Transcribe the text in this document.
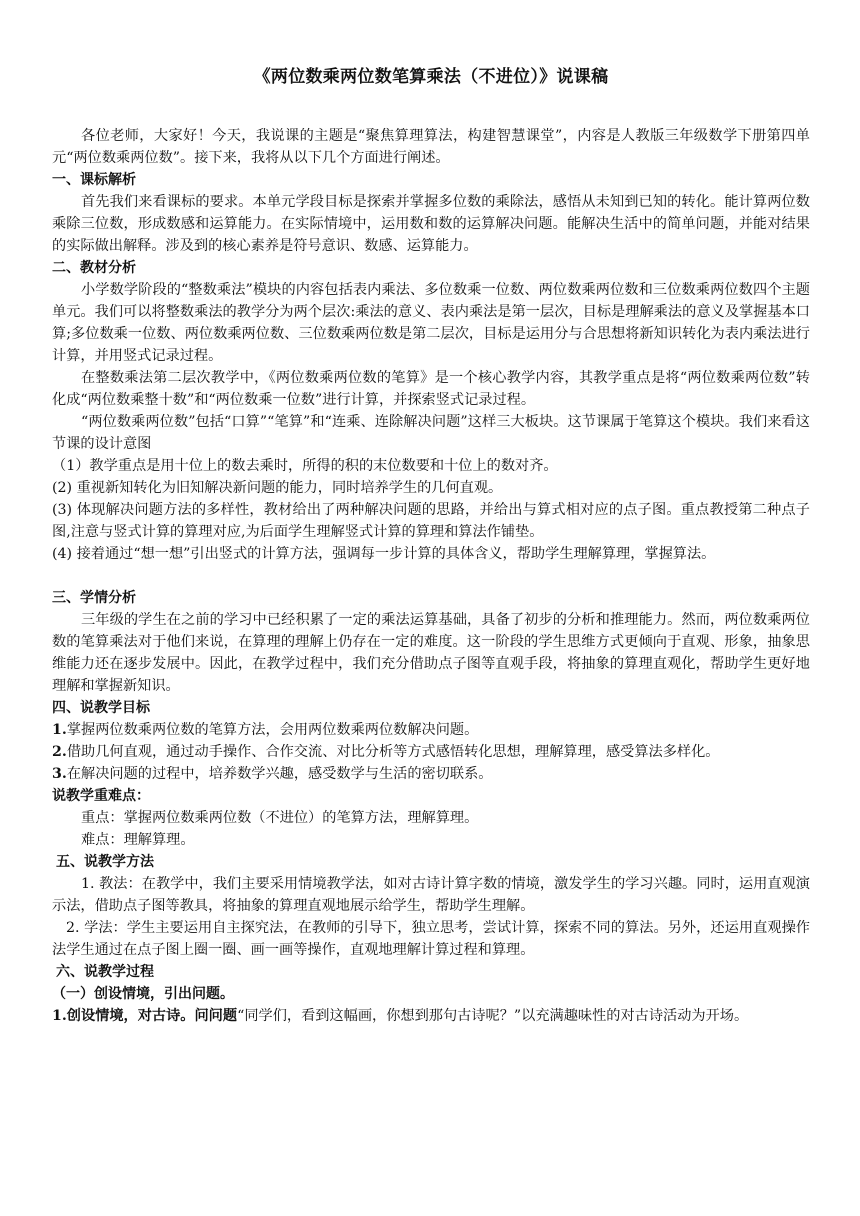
《两位数乘两位数笔算乘法（不进位）》说课稿

各位老师，大家好！今天，我说课的主题是“聚焦算理算法，构建智慧课堂”，内容是人教版三年级数学下册第四单元“两位数乘两位数”。接下来，我将从以下几个方面进行阐述。

一、课标解析

首先我们来看课标的要求。本单元学段目标是探索并掌握多位数的乘除法，感悟从未知到已知的转化。能计算两位数乘除三位数，形成数感和运算能力。在实际情境中，运用数和数的运算解决问题。能解决生活中的简单问题，并能对结果的实际做出解释。涉及到的核心素养是符号意识、数感、运算能力。

二、教材分析

小学数学阶段的“整数乘法”模块的内容包括表内乘法、多位数乘一位数、两位数乘两位数和三位数乘两位数四个主题单元。我们可以将整数乘法的教学分为两个层次:乘法的意义、表内乘法是第一层次，目标是理解乘法的意义及掌握基本口算;多位数乘一位数、两位数乘两位数、三位数乘两位数是第二层次，目标是运用分与合思想将新知识转化为表内乘法进行计算，并用竖式记录过程。

在整数乘法第二层次教学中，《两位数乘两位数的笔算》是一个核心教学内容，其教学重点是将“两位数乘两位数”转化成“两位数乘整十数”和“两位数乘一位数”进行计算，并探索竖式记录过程。

“两位数乘两位数”包括“口算”“笔算”和“连乘、连除解决问题”这样三大板块。这节课属于笔算这个模块。我们来看这节课的设计意图

（1）教学重点是用十位上的数去乘时，所得的积的末位数要和十位上的数对齐。

(2) 重视新知转化为旧知解决新问题的能力，同时培养学生的几何直观。

(3) 体现解决问题方法的多样性，教材给出了两种解决问题的思路，并给出与算式相对应的点子图。重点教授第二种点子图,注意与竖式计算的算理对应,为后面学生理解竖式计算的算理和算法作铺垫。

(4) 接着通过“想一想”引出竖式的计算方法，强调每一步计算的具体含义，帮助学生理解算理，掌握算法。

三、学情分析

三年级的学生在之前的学习中已经积累了一定的乘法运算基础，具备了初步的分析和推理能力。然而，两位数乘两位数的笔算乘法对于他们来说，在算理的理解上仍存在一定的难度。这一阶段的学生思维方式更倾向于直观、形象，抽象思维能力还在逐步发展中。因此，在教学过程中，我们充分借助点子图等直观手段，将抽象的算理直观化，帮助学生更好地理解和掌握新知识。

四、说教学目标

1.掌握两位数乘两位数的笔算方法，会用两位数乘两位数解决问题。

2.借助几何直观，通过动手操作、合作交流、对比分析等方式感悟转化思想，理解算理，感受算法多样化。

3.在解决问题的过程中，培养数学兴趣，感受数学与生活的密切联系。

说教学重难点：

重点：掌握两位数乘两位数（不进位）的笔算方法，理解算理。

难点：理解算理。

五、说教学方法

1. 教法：在教学中，我们主要采用情境教学法，如对古诗计算字数的情境，激发学生的学习兴趣。同时，运用直观演示法，借助点子图等教具，将抽象的算理直观地展示给学生，帮助学生理解。

2. 学法：学生主要运用自主探究法，在教师的引导下，独立思考，尝试计算，探索不同的算法。另外，还运用直观操作法学生通过在点子图上圈一圈、画一画等操作，直观地理解计算过程和算理。

六、说教学过程
（一）创设情境，引出问题。

1.创设情境，对古诗。问问题“同学们，看到这幅画，你想到那句古诗呢？”以充满趣味性的对古诗活动为开场。
